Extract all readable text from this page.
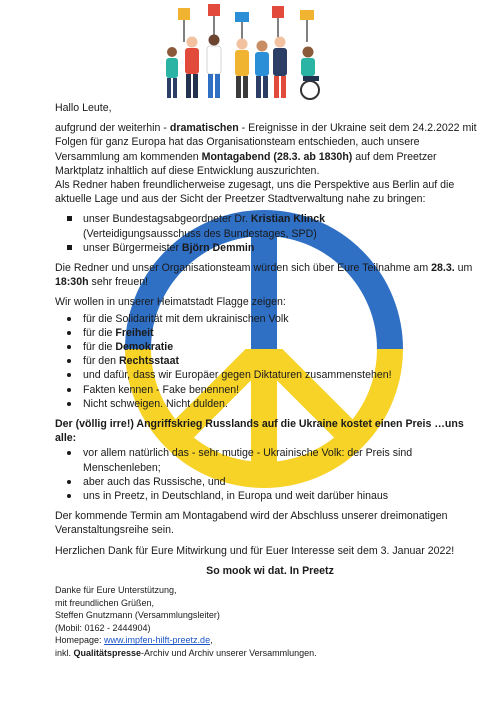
Hallo Leute,

aufgrund der weiterhin - dramatischen - Ereignisse in der Ukraine seit dem 24.2.2022 mit Folgen für ganz Europa hat das Organisationsteam entschieden, auch unsere Versammlung am kommenden Montagabend (28.3. ab 1830h) auf dem Preetzer Marktplatz inhaltlich auf diese Entwicklung auszurichten.
Als Redner haben freundlicherweise zugesagt, uns die Perspektive aus Berlin auf die aktuelle Lage und aus der Sicht der Preetzer Stadtverwaltung nahe zu bringen:

unser Bundestagsabgeordneter Dr. Kristian Klinck
(Verteidigungsausschuss des Bundestages, SPD)
unser Bürgermeister Björn Demmin

Die Redner und unser Organisationsteam würden sich über Eure Teilnahme am 28.3. um 18:30h sehr freuen!

Wir wollen in unserer Heimatstadt Flagge zeigen:

für die Solidarität mit dem ukrainischen Volk
für die Freiheit
für die Demokratie
für den Rechtsstaat
und dafür, dass wir Europäer gegen Diktaturen zusammenstehen!
Fakten kennen - Fake benennen!
Nicht schweigen. Nicht dulden.

Der (völlig irre!) Angriffskrieg Russlands auf die Ukraine kostet einen Preis …uns alle:

vor allem natürlich das - sehr mutige - Ukrainische Volk: der Preis sind Menschenleben;
aber auch das Russische, und
uns in Preetz, in Deutschland, in Europa und weit darüber hinaus

Der kommende Termin am Montagabend wird der Abschluss unserer dreimonatigen Veranstaltungsreihe sein.

Herzlichen Dank für Eure Mitwirkung und für Euer Interesse seit dem 3. Januar 2022!

So mook wi dat. In Preetz

Danke für Eure Unterstützung,
mit freundlichen Grüßen,
Steffen Gnutzmann (Versammlungsleiter)
(Mobil: 0162 - 2444904)
Homepage: www.impfen-hilft-preetz.de,
inkl. Qualitätspresse-Archiv und Archiv unserer Versammlungen.
